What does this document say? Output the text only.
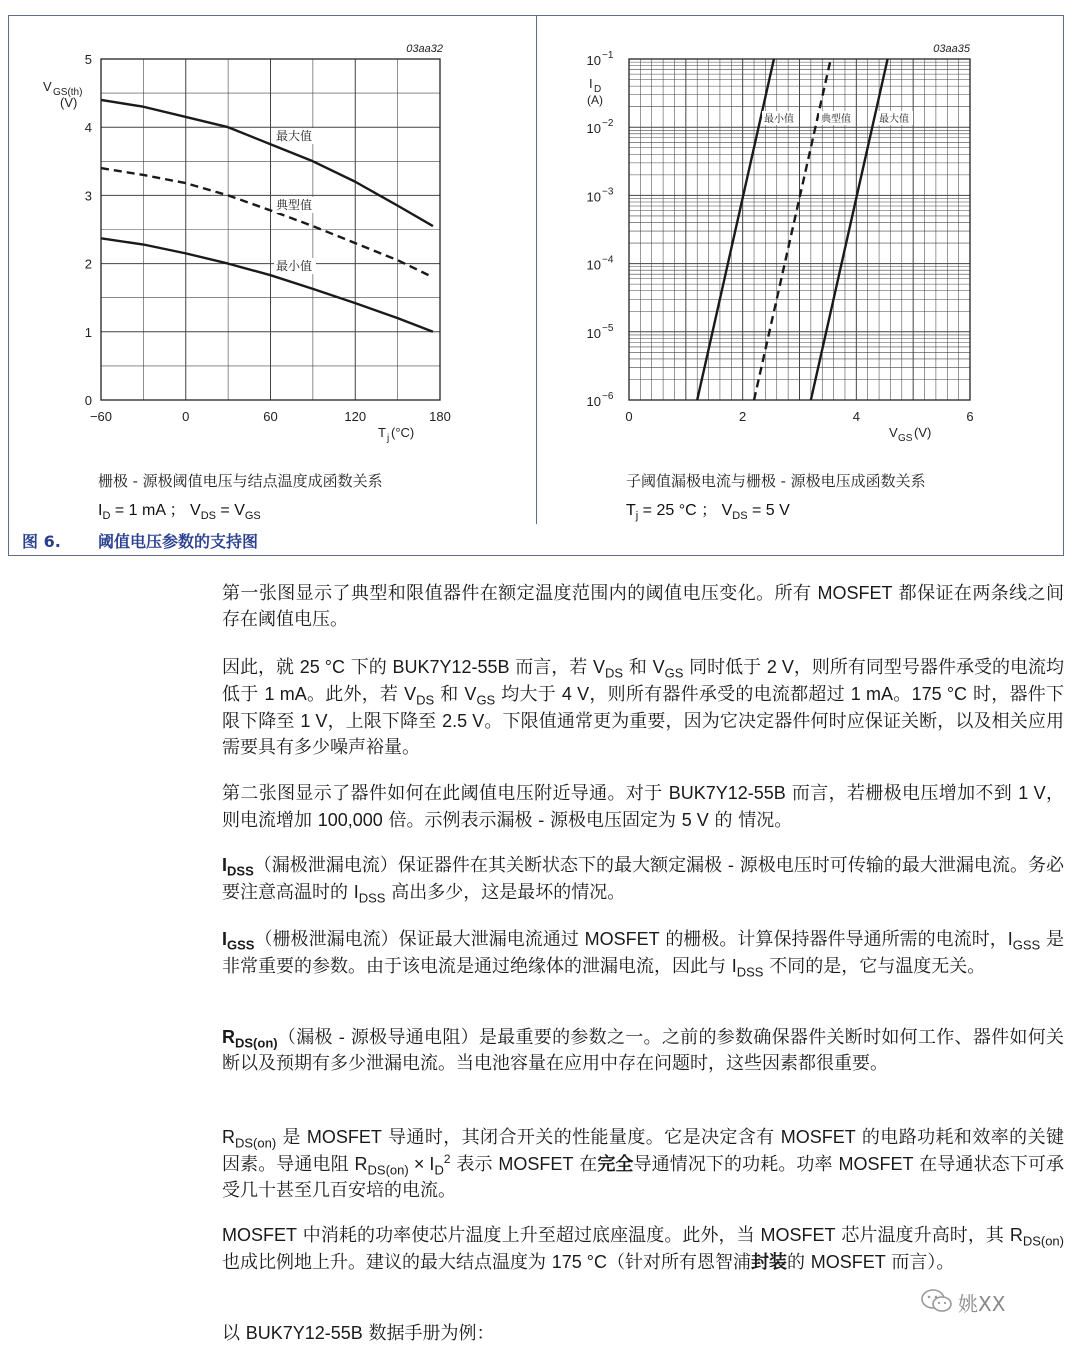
−60	0	60	120	180
0
1
2
3
4
5
V GS(th)
(V)
T j (°C)
03aa32
最大值
典型值
最小值
0	2	4	6
10 −6
10 −5
10 −4
10 −3
10 −2
10 −1
I D
(A)
V GS (V)
03aa35
最小值	典型值	最大值
栅极 - 源极阈值电压与结点温度成函数关系
$I_D = 1$ mA ； $V_{DS} = V_{GS}$
子阈值漏极电流与栅极 - 源极电压成函数关系
$T_j = 25$ °C ； $V_{DS} = 5$ V
图 6. 阈值电压参数的支持图
第一张图显示了典型和限值器件在额定温度范围内的阈值电压变化。所有 MOSFET 都保证在两条线之间存在阈值电压。
因此，就 25 °C 下的 BUK7Y12-55B 而言，若 $V_{DS}$ 和 $V_{GS}$ 同时低于 2 V，则所有同型号器件承受的电流均低于 1 mA。此外，若 $V_{DS}$ 和 $V_{GS}$ 均大于 4 V，则所有器件承受的电流都超过 1 mA。175 °C 时，器件下限下降至 1 V，上限下降至 2.5 V。下限值通常更为重要，因为它决定器件何时应保证关断，以及相关应用需要具有多少噪声裕量。
第二张图显示了器件如何在此阈值电压附近导通。对于 BUK7Y12-55B 而言，若栅极电压增加不到 1 V，则电流增加 100,000 倍。示例表示漏极 - 源极电压固定为 5 V 的 情况。
$I_{DSS}$（漏极泄漏电流）保证器件在其关断状态下的最大额定漏极 - 源极电压时可传输的最大泄漏电流。务必要注意高温时的 $I_{DSS}$ 高出多少，这是最坏的情况。
$I_{GSS}$（栅极泄漏电流）保证最大泄漏电流通过 MOSFET 的栅极。计算保持器件导通所需的电流时，$I_{GSS}$ 是非常重要的参数。由于该电流是通过绝缘体的泄漏电流，因此与 $I_{DSS}$ 不同的是，它与温度无关。
$R_{DS(on)}$（漏极 - 源极导通电阻）是最重要的参数之一。之前的参数确保器件关断时如何工作、器件如何关断以及预期有多少泄漏电流。当电池容量在应用中存在问题时，这些因素都很重要。
$R_{DS(on)}$ 是 MOSFET 导通时，其闭合开关的性能量度。它是决定含有 MOSFET 的电路功耗和效率的关键因素。导通电阻 $R_{DS(on)} \times I_D^2$ 表示 MOSFET 在完全导通情况下的功耗。功率 MOSFET 在导通状态下可承受几十甚至几百安培的电流。
MOSFET 中消耗的功率使芯片温度上升至超过底座温度。此外，当 MOSFET 芯片温度升高时，其 $R_{DS(on)}$ 也成比例地上升。建议的最大结点温度为 175 °C（针对所有恩智浦封装的 MOSFET 而言）。
以 BUK7Y12-55B 数据手册为例：
姚XX
